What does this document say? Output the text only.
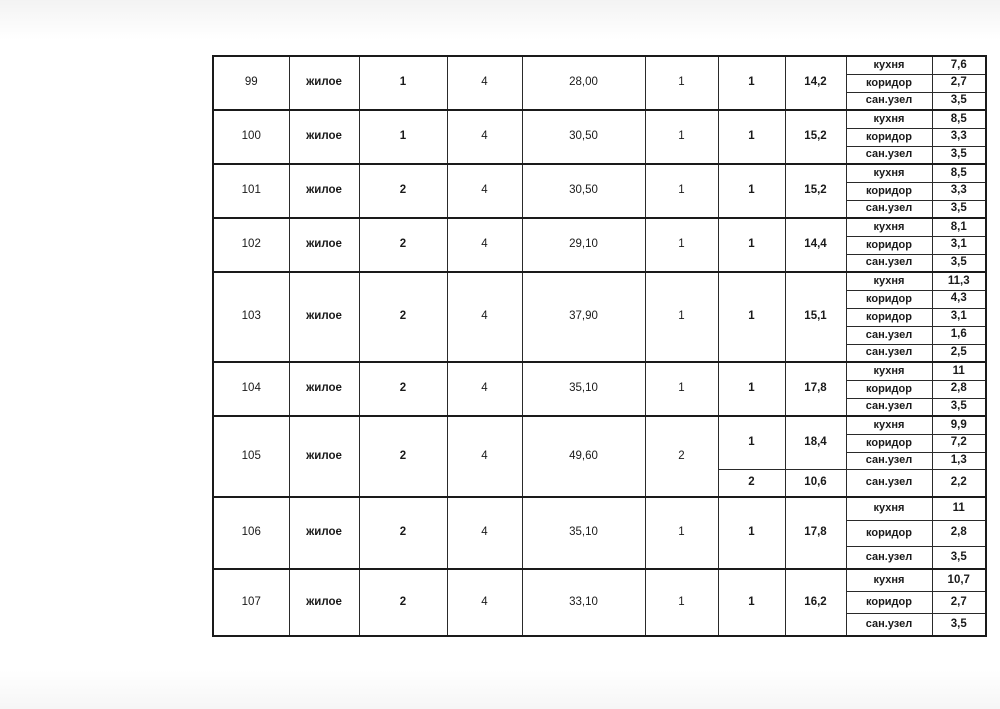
99	жилое	1	4	28,00	1	1	14,2	кухня	7,6
								коридор	2,7
								сан.узел	3,5
100	жилое	1	4	30,50	1	1	15,2	кухня	8,5
								коридор	3,3
								сан.узел	3,5
101	жилое	2	4	30,50	1	1	15,2	кухня	8,5
								коридор	3,3
								сан.узел	3,5
102	жилое	2	4	29,10	1	1	14,4	кухня	8,1
								коридор	3,1
								сан.узел	3,5
103	жилое	2	4	37,90	1	1	15,1	кухня	11,3
								коридор	4,3
								коридор	3,1
								сан.узел	1,6
								сан.узел	2,5
104	жилое	2	4	35,10	1	1	17,8	кухня	11
								коридор	2,8
								сан.узел	3,5
105	жилое	2	4	49,60	2	1	18,4	кухня	9,9
								коридор	7,2
								сан.узел	1,3
						2	10,6	сан.узел	2,2
106	жилое	2	4	35,10	1	1	17,8	кухня	11
								коридор	2,8
								сан.узел	3,5
107	жилое	2	4	33,10	1	1	16,2	кухня	10,7
								коридор	2,7
								сан.узел	3,5
